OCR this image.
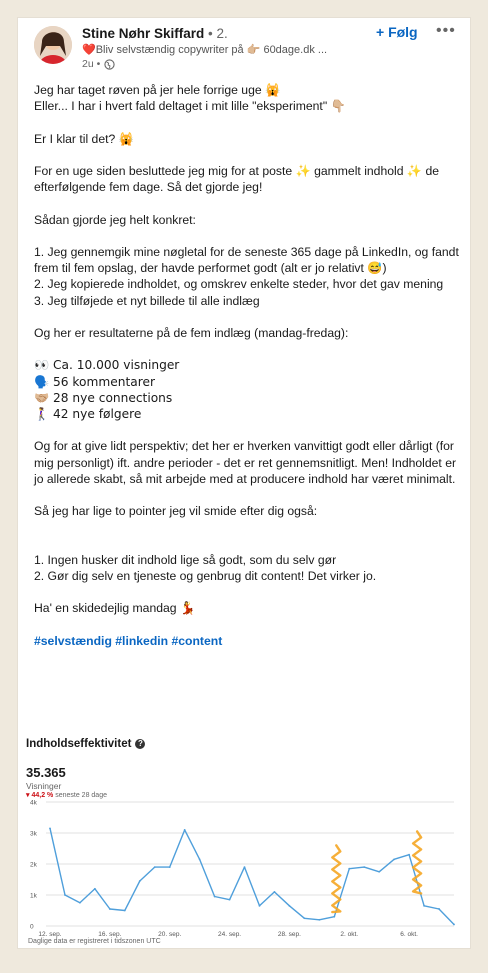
Stine Nøhr Skiffard • 2.
❤️Bliv selvstændig copywriter på 👉🏼 60dage.dk ...
2u •
+ Følg •••

Jeg har taget røven på jer hele forrige uge 🙀

Eller... I har i hvert fald deltaget i mit lille "eksperiment" 👇🏼

Er I klar til det? 🙀

For en uge siden besluttede jeg mig for at poste ✨ gammelt indhold ✨ de efterfølgende fem dage. Så det gjorde jeg!

Sådan gjorde jeg helt konkret:

1. Jeg gennemgik mine nøgletal for de seneste 365 dage på LinkedIn, og fandt frem til fem opslag, der havde performet godt (alt er jo relativt 😅)

2. Jeg kopierede indholdet, og omskrev enkelte steder, hvor det gav mening

3. Jeg tilføjede et nyt billede til alle indlæg

Og her er resultaterne på de fem indlæg (mandag-fredag):

👀 Ca. 10.000 visninger

🗣️ 56 kommentarer

🤝🏼 28 nye connections

🚶‍♀️ 42 nye følgere

Og for at give lidt perspektiv; det her er hverken vanvittigt godt eller dårligt (for mig personligt) ift. andre perioder - det er ret gennemsnitligt. Men! Indholdet er jo allerede skabt, så mit arbejde med at producere indhold har været minimalt.

Så jeg har lige to pointer jeg vil smide efter dig også:

1. Ingen husker dit indhold lige så godt, som du selv gør

2. Gør dig selv en tjeneste og genbrug dit content! Det virker jo.

Ha' en skidedejlig mandag 💃

#selvstændig #linkedin #content

Indholdseffektivitet ?
35.365
Visninger
▾ 44,2 % seneste 28 dage
0
1k
2k
3k
4k
12. sep.	16. sep.	20. sep.	24. sep.	28. sep.	2. okt.	6. okt.
Daglige data er registreret i tidszonen UTC
